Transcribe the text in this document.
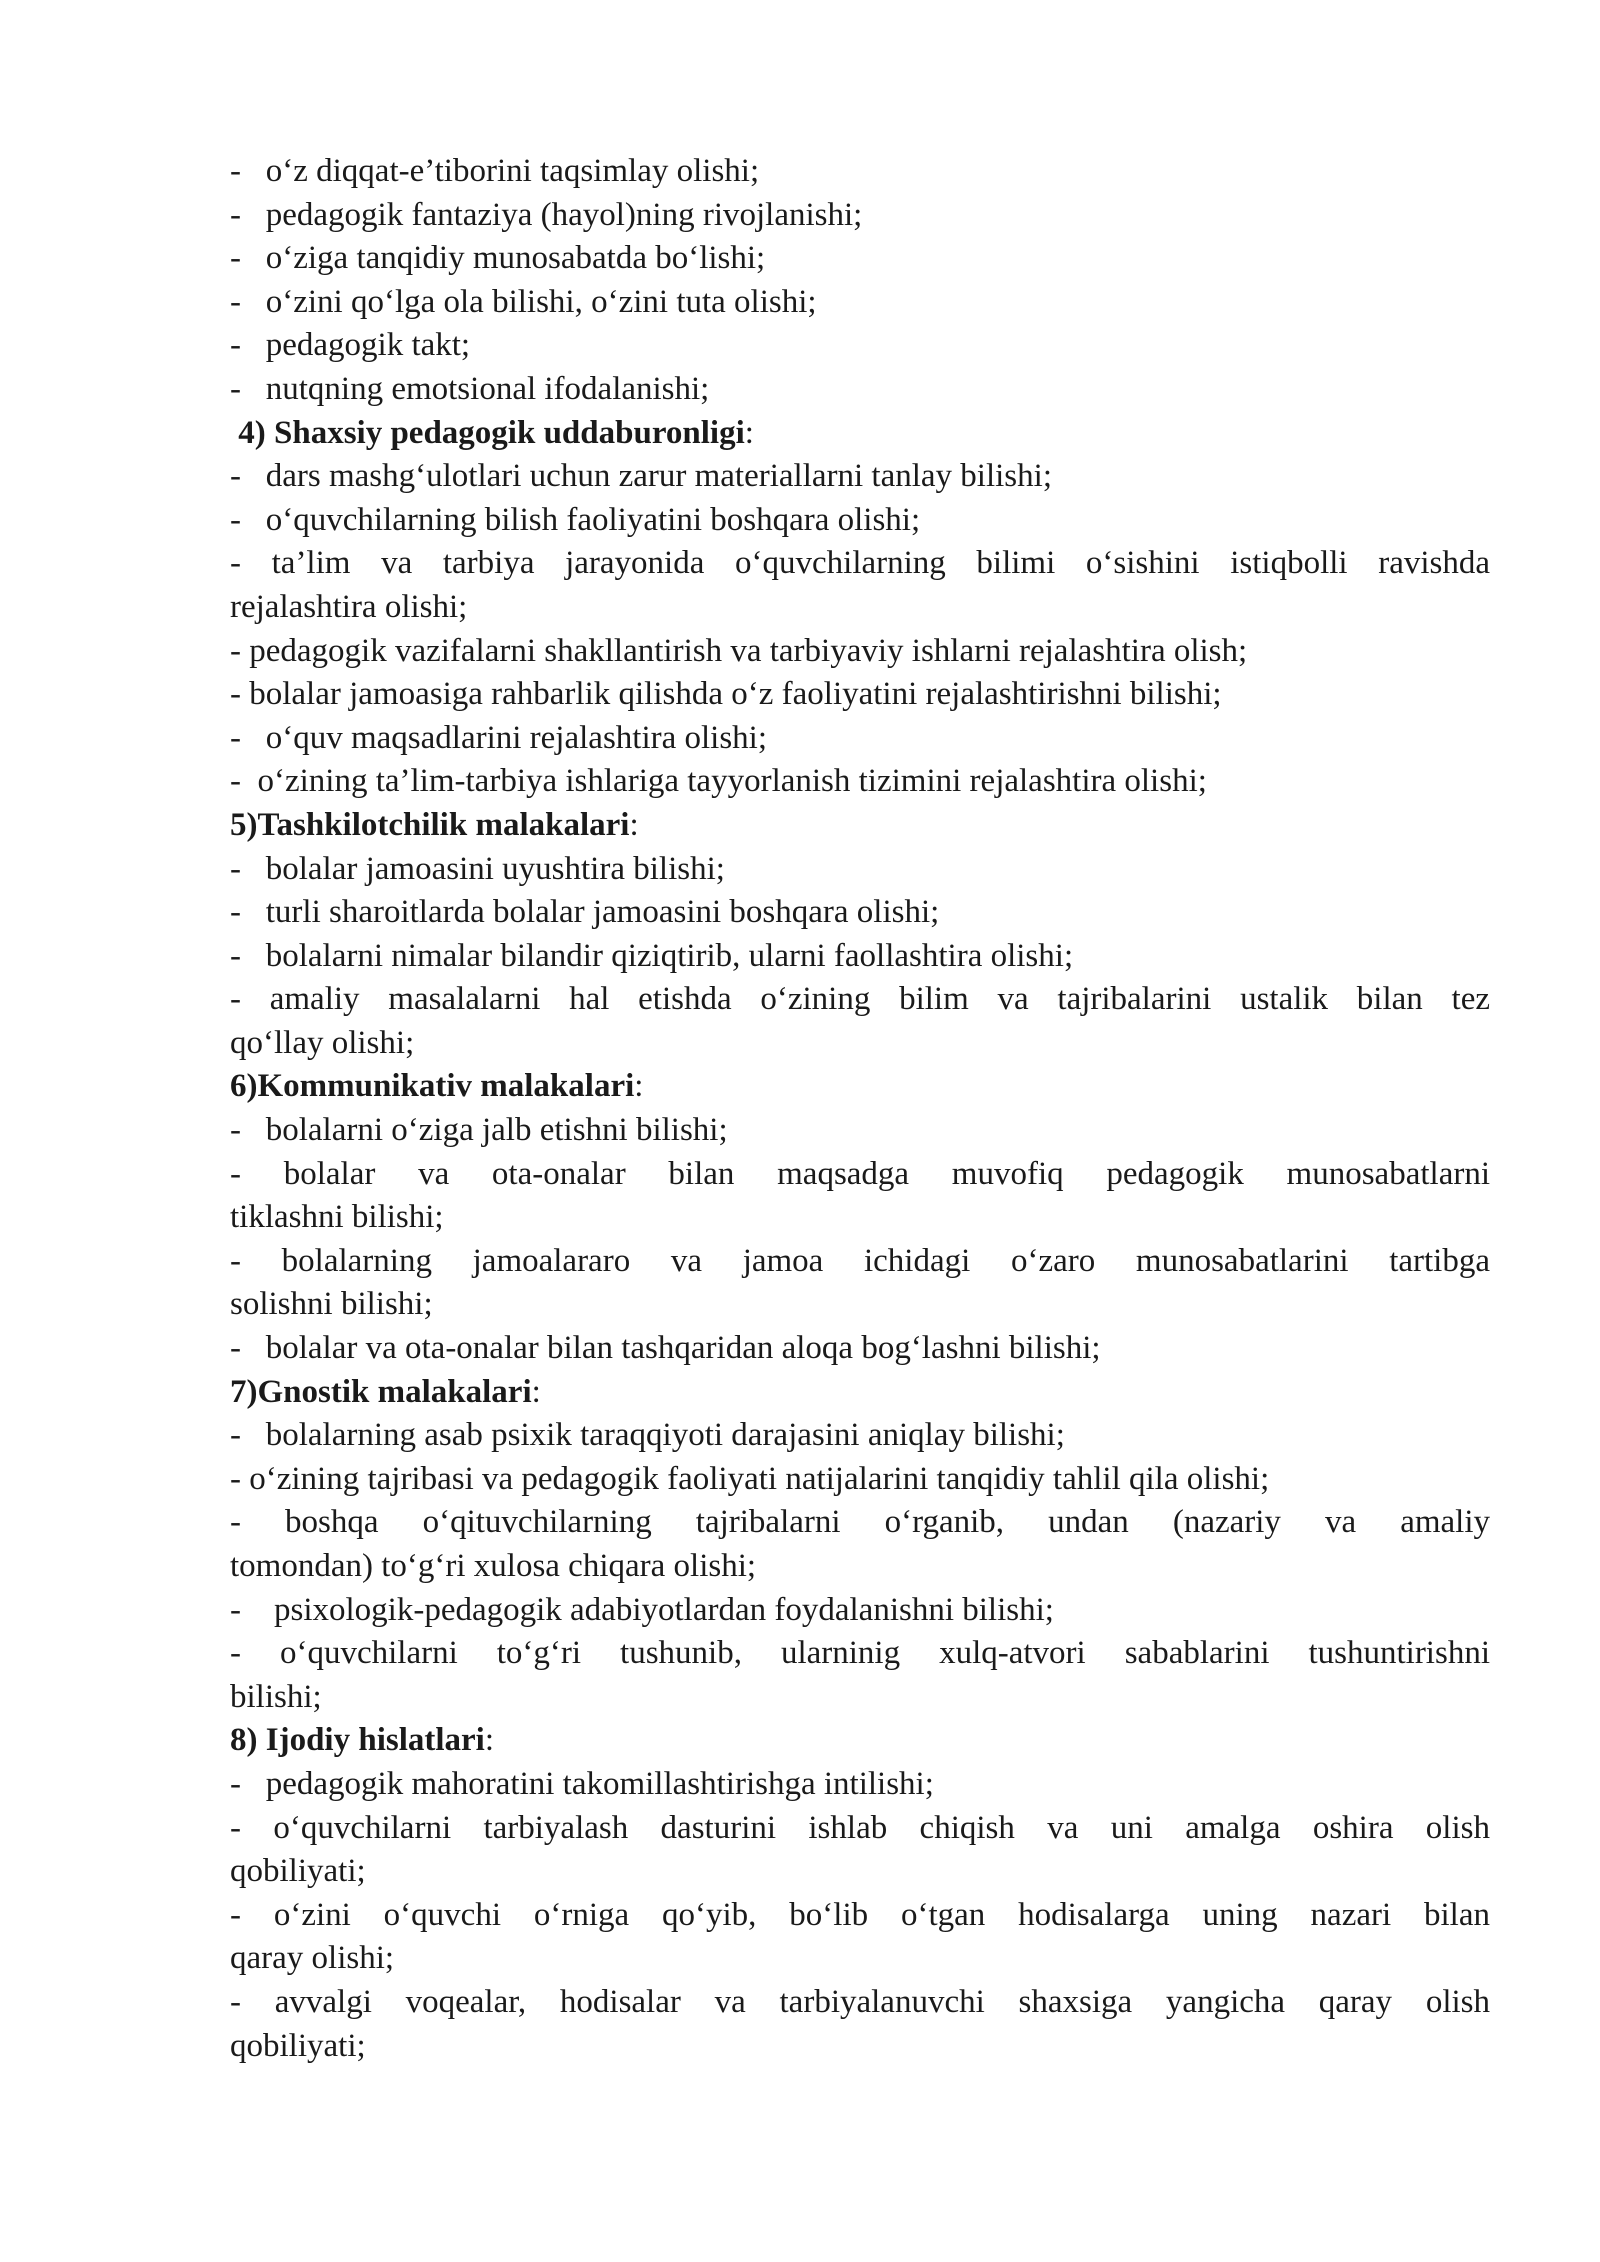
-   o‘z diqqat-e’tiborini taqsimlay olishi;

-   pedagogik fantaziya (hayol)ning rivojlanishi;

-   o‘ziga tanqidiy munosabatda bo‘lishi;

-   o‘zini qo‘lga ola bilishi, o‘zini tuta olishi;

-   pedagogik takt;

-   nutqning emotsional ifodalanishi;

4) Shaxsiy pedagogik uddaburonligi:

-   dars mashg‘ulotlari uchun zarur materiallarni tanlay bilishi;

-   o‘quvchilarning bilish faoliyatini boshqara olishi;

- ta’lim va tarbiya jarayonida o‘quvchilarning bilimi o‘sishini istiqbolli ravishda

rejalashtira olishi;

- pedagogik vazifalarni shakllantirish va tarbiyaviy ishlarni rejalashtira olish;

- bolalar jamoasiga rahbarlik qilishda o‘z faoliyatini rejalashtirishni bilishi;

-   o‘quv maqsadlarini rejalashtira olishi;

-  o‘zining ta’lim-tarbiya ishlariga tayyorlanish tizimini rejalashtira olishi;

5)Tashkilotchilik malakalari:

-   bolalar jamoasini uyushtira bilishi;

-   turli sharoitlarda bolalar jamoasini boshqara olishi;

-   bolalarni nimalar bilandir qiziqtirib, ularni faollashtira olishi;

- amaliy masalalarni hal etishda o‘zining bilim va tajribalarini ustalik bilan tez

qo‘llay olishi;

6)Kommunikativ malakalari:

-   bolalarni o‘ziga jalb etishni bilishi;

- bolalar va ota-onalar bilan maqsadga muvofiq pedagogik munosabatlarni

tiklashni bilishi;

- bolalarning jamoalararo va jamoa ichidagi o‘zaro munosabatlarini tartibga

solishni bilishi;

-   bolalar va ota-onalar bilan tashqaridan aloqa bog‘lashni bilishi;

7)Gnostik malakalari:

-   bolalarning asab psixik taraqqiyoti darajasini aniqlay bilishi;

- o‘zining tajribasi va pedagogik faoliyati natijalarini tanqidiy tahlil qila olishi;

- boshqa o‘qituvchilarning tajribalarni o‘rganib, undan (nazariy va amaliy

tomondan) to‘g‘ri xulosa chiqara olishi;

-    psixologik-pedagogik adabiyotlardan foydalanishni bilishi;

- o‘quvchilarni to‘g‘ri tushunib, ularninig xulq-atvori sabablarini tushuntirishni

bilishi;

8) Ijodiy hislatlari:

-   pedagogik mahoratini takomillashtirishga intilishi;

- o‘quvchilarni tarbiyalash dasturini ishlab chiqish va uni amalga oshira olish

qobiliyati;

- o‘zini o‘quvchi o‘rniga qo‘yib, bo‘lib o‘tgan hodisalarga uning nazari bilan

qaray olishi;

- avvalgi voqealar, hodisalar va tarbiyalanuvchi shaxsiga yangicha qaray olish

qobiliyati;
